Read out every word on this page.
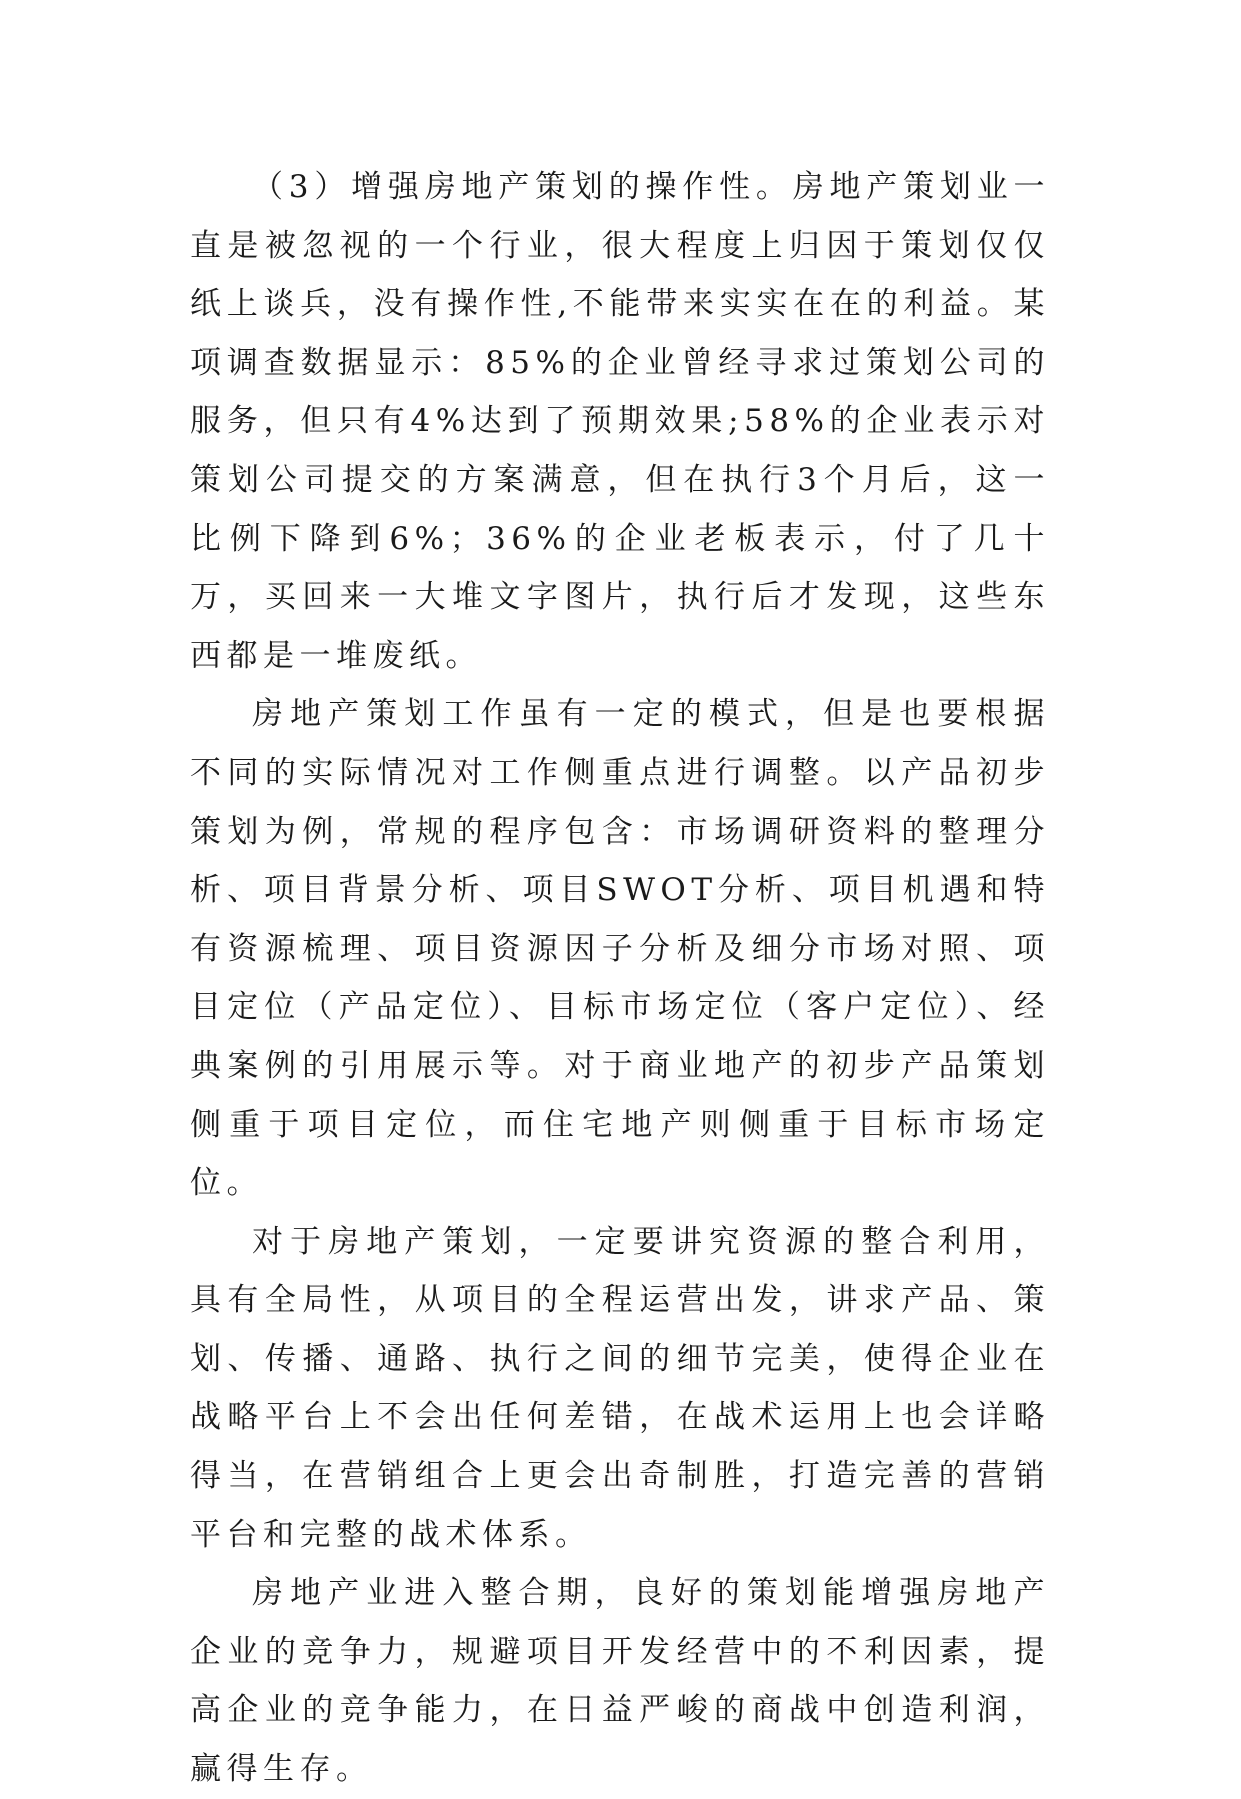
（3）增强房地产策划的操作性。房地产策划业一直是被忽视的一个行业，很大程度上归因于策划仅仅纸上谈兵，没有操作性,不能带来实实在在的利益。某项调查数据显示：85%的企业曾经寻求过策划公司的服务，但只有4%达到了预期效果;58%的企业表示对策划公司提交的方案满意，但在执行3个月后，这一比例下降到6%；36%的企业老板表示，付了几十万，买回来一大堆文字图片，执行后才发现，这些东西都是一堆废纸。

房地产策划工作虽有一定的模式，但是也要根据不同的实际情况对工作侧重点进行调整。以产品初步策划为例，常规的程序包含：市场调研资料的整理分析、项目背景分析、项目SWOT分析、项目机遇和特有资源梳理、项目资源因子分析及细分市场对照、项目定位（产品定位）、目标市场定位（客户定位）、经典案例的引用展示等。对于商业地产的初步产品策划侧重于项目定位，而住宅地产则侧重于目标市场定位。

对于房地产策划，一定要讲究资源的整合利用，具有全局性，从项目的全程运营出发，讲求产品、策划、传播、通路、执行之间的细节完美，使得企业在战略平台上不会出任何差错，在战术运用上也会详略得当，在营销组合上更会出奇制胜，打造完善的营销平台和完整的战术体系。

房地产业进入整合期，良好的策划能增强房地产企业的竞争力，规避项目开发经营中的不利因素，提高企业的竞争能力，在日益严峻的商战中创造利润，赢得生存。
